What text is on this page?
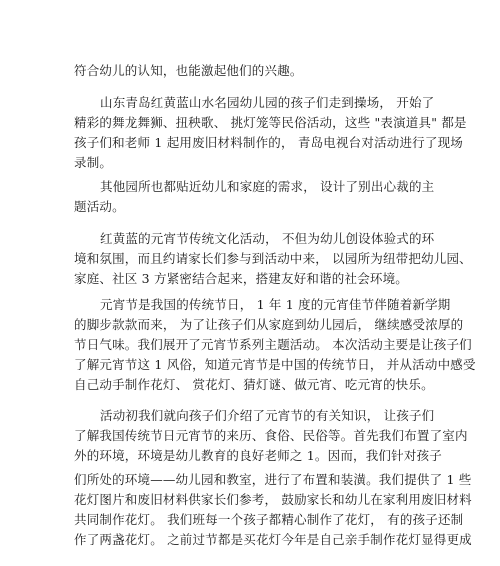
符合幼儿的认知，也能激起他们的兴趣。

山东青岛红黄蓝山水名园幼儿园的孩子们走到操场， 开始了
精彩的舞龙舞狮、扭秧歌、 挑灯笼等民俗活动，这些 "表演道具" 都是
孩子们和老师 1 起用废旧材料制作的， 青岛电视台对活动进行了现场
录制。

其他园所也都贴近幼儿和家庭的需求， 设计了别出心裁的主
题活动。

红黄蓝的元宵节传统文化活动， 不但为幼儿创设体验式的环
境和氛围，而且约请家长们参与到活动中来， 以园所为纽带把幼儿园、
家庭、社区 3 方紧密结合起来，搭建友好和谐的社会环境。

元宵节是我国的传统节日， 1 年 1 度的元宵佳节伴随着新学期
的脚步款款而来， 为了让孩子们从家庭到幼儿园后， 继续感受浓厚的
节日气味。我们展开了元宵节系列主题活动。 本次活动主要是让孩子们
了解元宵节这 1 风俗，知道元宵节是中国的传统节日， 并从活动中感受
自己动手制作花灯、 赏花灯、猜灯谜、做元宵、吃元宵的快乐。

活动初我们就向孩子们介绍了元宵节的有关知识， 让孩子们
了解我国传统节日元宵节的来历、食俗、民俗等。首先我们布置了室内
外的环境，环境是幼儿教育的良好老师之 1。因而，我们针对孩子
们所处的环境——幼儿园和教室，进行了布置和装潢。我们提供了 1 些
花灯图片和废旧材料供家长们参考， 鼓励家长和幼儿在家利用废旧材料
共同制作花灯。 我们班每一个孩子都精心制作了花灯， 有的孩子还制
作了两盏花灯。 之前过节都是买花灯今年是自己亲手制作花灯显得更成
